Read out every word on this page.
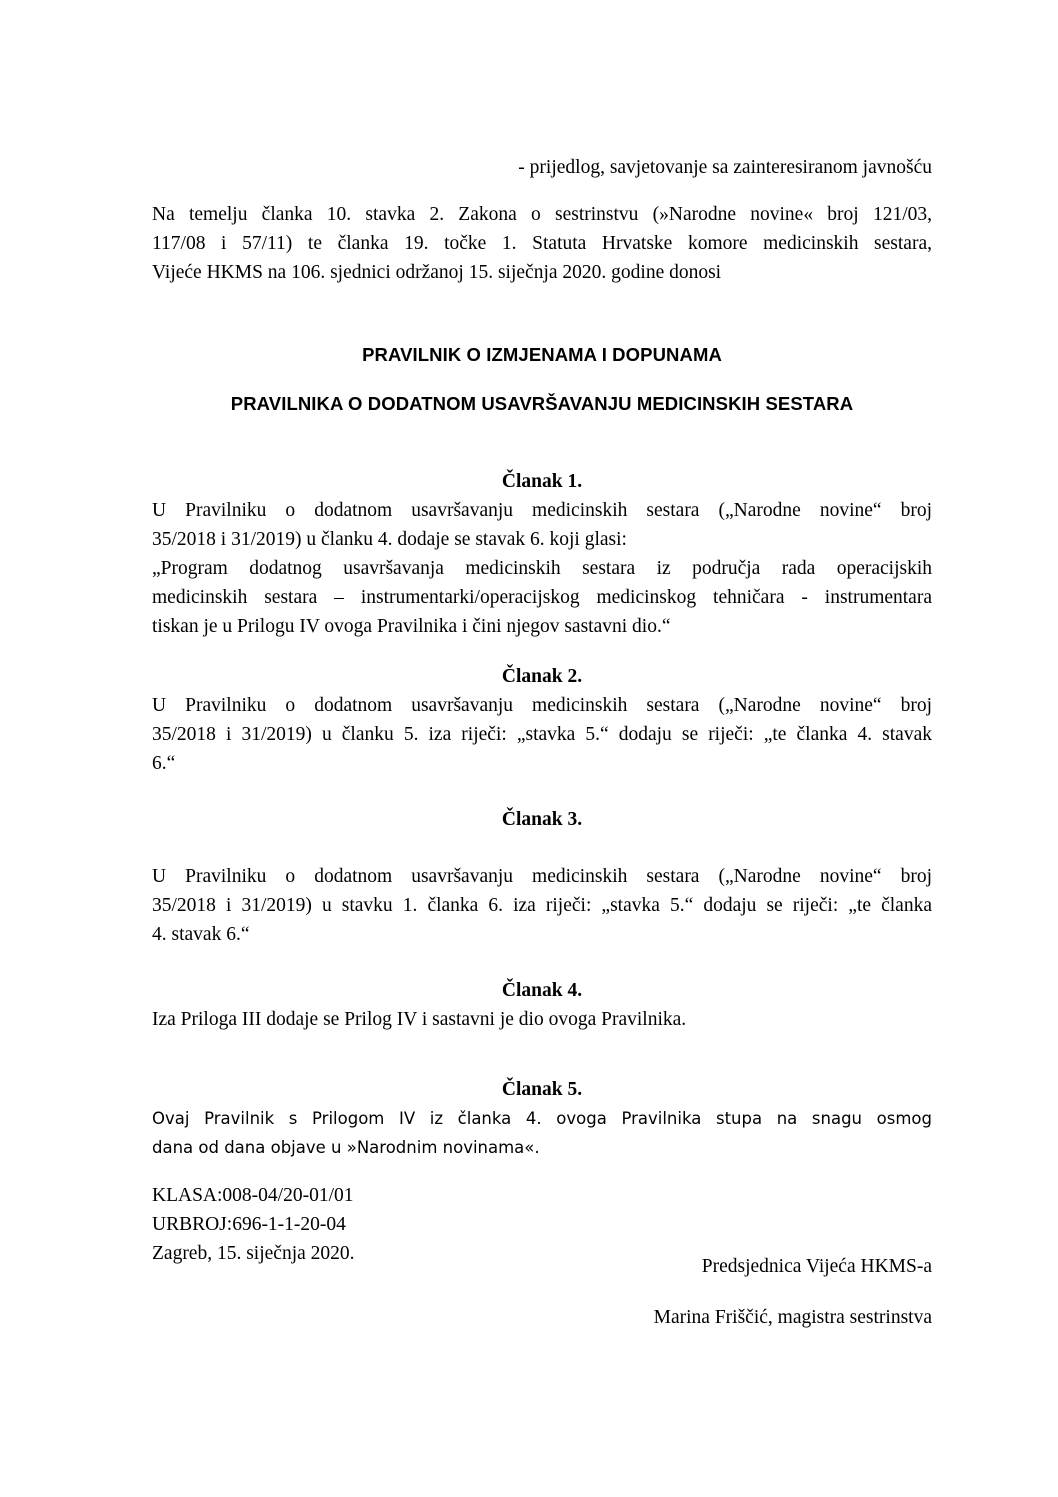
- prijedlog, savjetovanje sa zainteresiranom javnošću
Na temelju članka 10. stavka 2. Zakona o sestrinstvu (»Narodne novine« broj 121/03,
117/08 i 57/11) te članka 19. točke 1. Statuta Hrvatske komore medicinskih sestara,
Vijeće HKMS na 106. sjednici održanoj 15. siječnja 2020. godine donosi
PRAVILNIK O IZMJENAMA I DOPUNAMA
PRAVILNIKA O DODATNOM USAVRŠAVANJU MEDICINSKIH SESTARA
Članak 1.
U Pravilniku o dodatnom usavršavanju medicinskih sestara („Narodne novine“ broj
35/2018 i 31/2019) u članku 4. dodaje se stavak 6. koji glasi:
„Program dodatnog usavršavanja medicinskih sestara iz područja rada operacijskih
medicinskih sestara – instrumentarki/operacijskog medicinskog tehničara - instrumentara
tiskan je u Prilogu IV ovoga Pravilnika i čini njegov sastavni dio.“
Članak 2.
U Pravilniku o dodatnom usavršavanju medicinskih sestara („Narodne novine“ broj
35/2018 i 31/2019) u članku 5. iza riječi: „stavka 5.“ dodaju se riječi: „te članka 4. stavak
6.“
Članak 3.
U Pravilniku o dodatnom usavršavanju medicinskih sestara („Narodne novine“ broj
35/2018 i 31/2019) u stavku 1. članka 6. iza riječi: „stavka 5.“ dodaju se riječi: „te članka
4. stavak 6.“
Članak 4.
Iza Priloga III dodaje se Prilog IV i sastavni je dio ovoga Pravilnika.
Članak 5.
Ovaj Pravilnik s Prilogom IV iz članka 4. ovoga Pravilnika stupa na snagu osmog
dana od dana objave u »Narodnim novinama«.
KLASA:008-04/20-01/01
URBROJ:696-1-1-20-04
Zagreb, 15. siječnja 2020.
Predsjednica Vijeća HKMS-a
Marina Friščić, magistra sestrinstva
